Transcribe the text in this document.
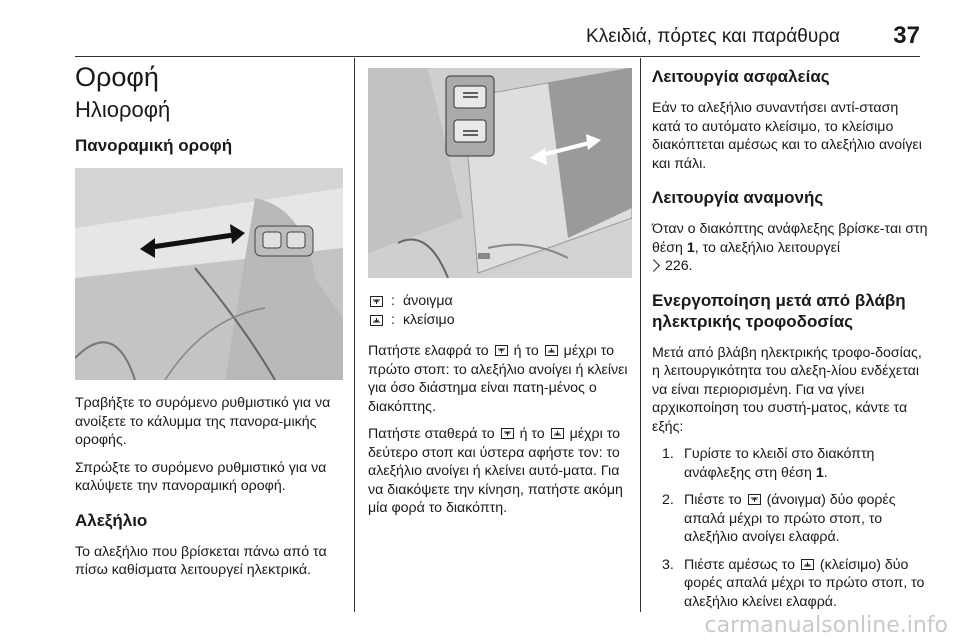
Κλειδιά, πόρτες και παράθυρα 37
Οροφή
Ηλιοροφή
Πανοραμική οροφή

Τραβήξτε το συρόμενο ρυθμιστικό για να ανοίξετε το κάλυμμα της πανορα-μικής οροφής.

Σπρώξτε το συρόμενο ρυθμιστικό για να καλύψετε την πανοραμική οροφή.

Αλεξήλιο

Το αλεξήλιο που βρίσκεται πάνω από τα πίσω καθίσματα λειτουργεί ηλεκτρικά.

: άνοιγμα
: κλείσιμο

Πατήστε ελαφρά το ή το μέχρι το πρώτο στοπ: το αλεξήλιο ανοίγει ή κλείνει για όσο διάστημα είναι πατη-μένος ο διακόπτης.

Πατήστε σταθερά το ή το μέχρι το δεύτερο στοπ και ύστερα αφήστε τον: το αλεξήλιο ανοίγει ή κλείνει αυτό-ματα. Για να διακόψετε την κίνηση, πατήστε ακόμη μία φορά το διακόπτη.

Λειτουργία ασφαλείας

Εάν το αλεξήλιο συναντήσει αντί-σταση κατά το αυτόματο κλείσιμο, το κλείσιμο διακόπτεται αμέσως και το αλεξήλιο ανοίγει και πάλι.

Λειτουργία αναμονής

Όταν ο διακόπτης ανάφλεξης βρίσκε-ται στη θέση 1, το αλεξήλιο λειτουργεί
226.

Ενεργοποίηση μετά από βλάβη ηλεκτρικής τροφοδοσίας

Μετά από βλάβη ηλεκτρικής τροφο-δοσίας, η λειτουργικότητα του αλεξη-λίου ενδέχεται να είναι περιορισμένη. Για να γίνει αρχικοποίηση του συστή-ματος, κάντε τα εξής:

1. Γυρίστε το κλειδί στο διακόπτη ανάφλεξης στη θέση 1.
2. Πιέστε το (άνοιγμα) δύο φορές απαλά μέχρι το πρώτο στοπ, το αλεξήλιο ανοίγει ελαφρά.
3. Πιέστε αμέσως το (κλείσιμο) δύο φορές απαλά μέχρι το πρώτο στοπ, το αλεξήλιο κλείνει ελαφρά.
carmanualsonline.info
